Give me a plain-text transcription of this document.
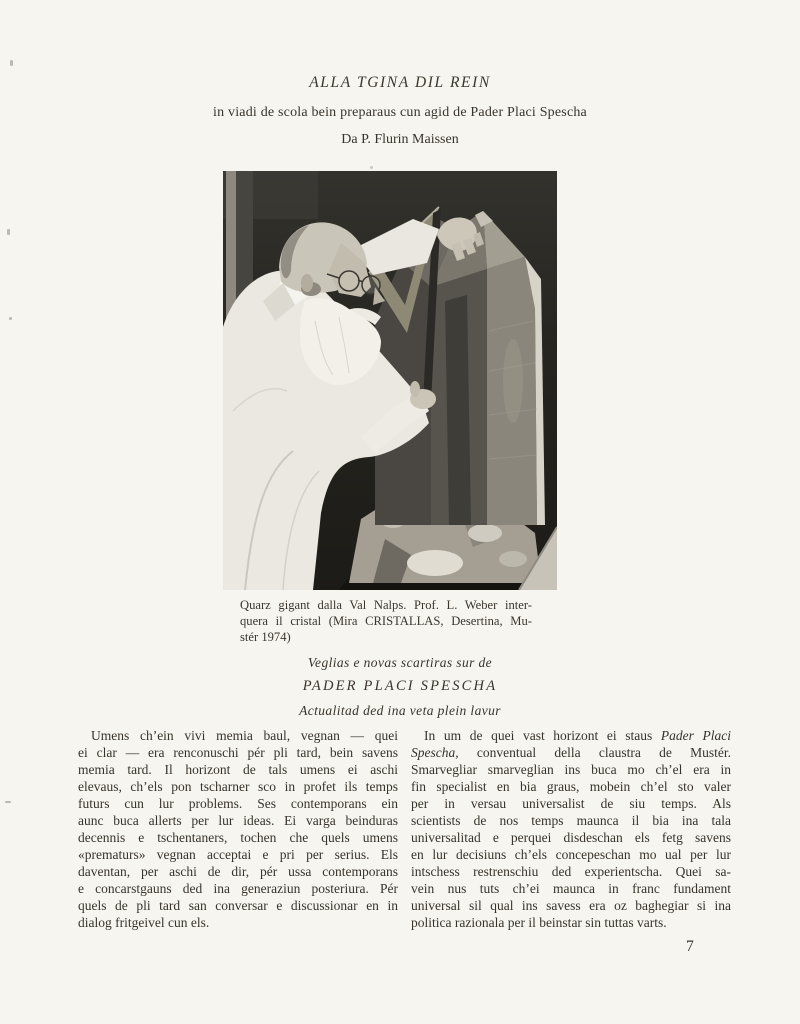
ALLA TGINA DIL REIN
in viadi de scola bein preparaus cun agid de Pader Placi Spescha
Da P. Flurin Maissen
Quarz gigant dalla Val Nalps. Prof. L. Weber inter-
quera il cristal (Mira CRISTALLAS, Desertina, Mu-
stér 1974)
Veglias e novas scartiras sur de
PADER PLACI SPESCHA
Actualitad ded ina veta plein lavur
Umens ch’ein vivi memia baul, vegnan — quei
ei clar — era renconuschi pér pli tard, bein savens
memia tard. Il horizont de tals umens ei aschi
elevaus, ch’els pon tscharner sco in profet ils temps
futurs cun lur problems. Ses contemporans ein
aunc buca allerts per lur ideas. Ei varga beinduras
decennis e tschentaners, tochen che quels umens
«prematurs» vegnan acceptai e pri per serius. Els
daventan, per aschi de dir, pér ussa contemporans
e concarstgauns ded ina generaziun posteriura. Pér
quels de pli tard san conversar e discussionar en in
dialog fritgeivel cun els.
In um de quei vast horizont ei staus Pader Placi
Spescha, conventual della claustra de Mustér.
Smarvegliar smarveglian ins buca mo ch’el era in
fin specialist en bia graus, mobein ch’el sto valer
per in versau universalist de siu temps. Als
scientists de nos temps maunca il bia ina tala
universalitad e perquei disdeschan els fetg savens
en lur decisiuns ch’els concepeschan mo ual per lur
intschess restrenschiu ded experientscha. Quei sa-
vein nus tuts ch’ei maunca in franc fundament
universal sil qual ins savess era oz baghegiar si ina
politica razionala per il beinstar sin tuttas varts.
7
